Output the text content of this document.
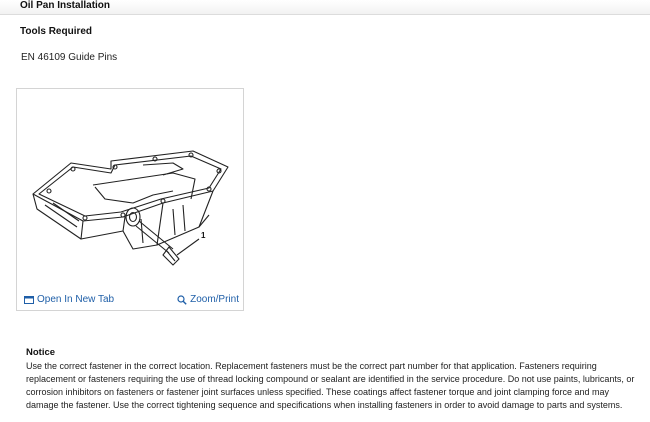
Oil Pan Installation
Tools Required
EN 46109 Guide Pins
1
Open In New Tab	Zoom/Print
Notice

Use the correct fastener in the correct location. Replacement fasteners must be the correct part number for that application. Fasteners requiring replacement or fasteners requiring the use of thread locking compound or sealant are identified in the service procedure. Do not use paints, lubricants, or corrosion inhibitors on fasteners or fastener joint surfaces unless specified. These coatings affect fastener torque and joint clamping force and may damage the fastener. Use the correct tightening sequence and specifications when installing fasteners in order to avoid damage to parts and systems.
